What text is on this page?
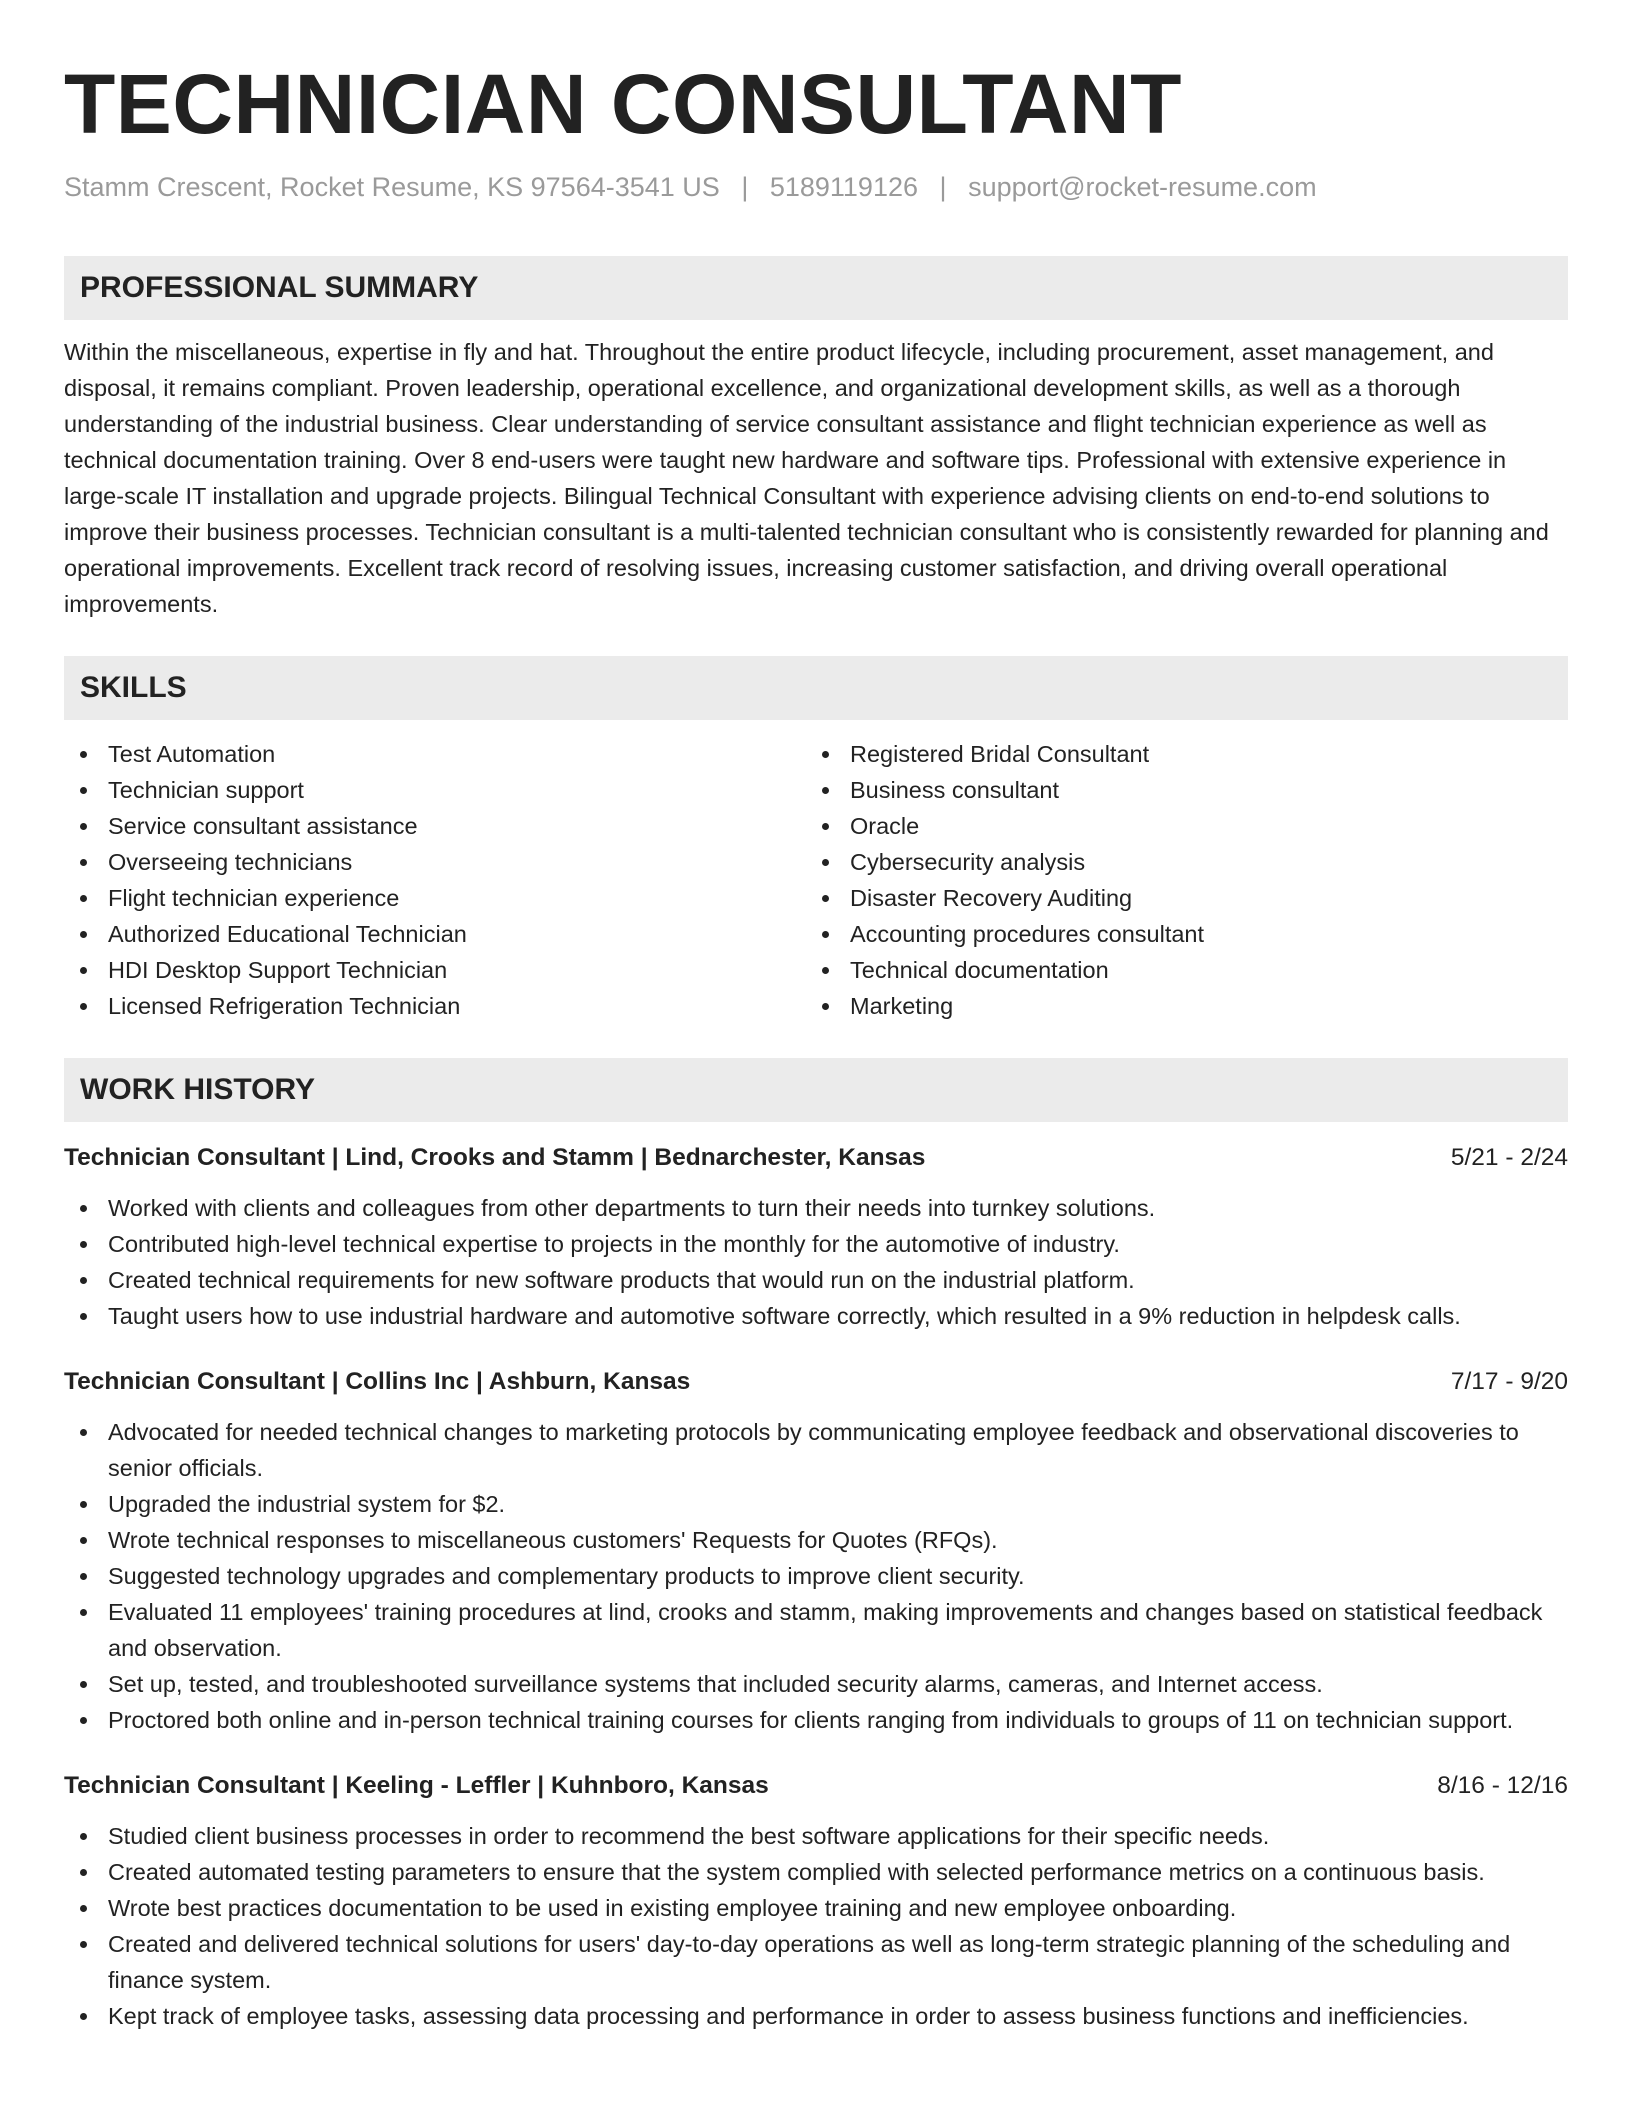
TECHNICIAN CONSULTANT
Stamm Crescent, Rocket Resume, KS 97564-3541 US | 5189119126 | support@rocket-resume.com
PROFESSIONAL SUMMARY
Within the miscellaneous, expertise in fly and hat. Throughout the entire product lifecycle, including procurement, asset management, and disposal, it remains compliant. Proven leadership, operational excellence, and organizational development skills, as well as a thorough understanding of the industrial business. Clear understanding of service consultant assistance and flight technician experience as well as technical documentation training. Over 8 end-users were taught new hardware and software tips. Professional with extensive experience in large-scale IT installation and upgrade projects. Bilingual Technical Consultant with experience advising clients on end-to-end solutions to improve their business processes. Technician consultant is a multi-talented technician consultant who is consistently rewarded for planning and operational improvements. Excellent track record of resolving issues, increasing customer satisfaction, and driving overall operational improvements.
SKILLS
Test Automation
Technician support
Service consultant assistance
Overseeing technicians
Flight technician experience
Authorized Educational Technician
HDI Desktop Support Technician
Licensed Refrigeration Technician
Registered Bridal Consultant
Business consultant
Oracle
Cybersecurity analysis
Disaster Recovery Auditing
Accounting procedures consultant
Technical documentation
Marketing
WORK HISTORY
Technician Consultant | Lind, Crooks and Stamm | Bednarchester, Kansas	5/21 - 2/24
Worked with clients and colleagues from other departments to turn their needs into turnkey solutions.
Contributed high-level technical expertise to projects in the monthly for the automotive of industry.
Created technical requirements for new software products that would run on the industrial platform.
Taught users how to use industrial hardware and automotive software correctly, which resulted in a 9% reduction in helpdesk calls.
Technician Consultant | Collins Inc | Ashburn, Kansas	7/17 - 9/20
Advocated for needed technical changes to marketing protocols by communicating employee feedback and observational discoveries to senior officials.
Upgraded the industrial system for $2.
Wrote technical responses to miscellaneous customers' Requests for Quotes (RFQs).
Suggested technology upgrades and complementary products to improve client security.
Evaluated 11 employees' training procedures at lind, crooks and stamm, making improvements and changes based on statistical feedback and observation.
Set up, tested, and troubleshooted surveillance systems that included security alarms, cameras, and Internet access.
Proctored both online and in-person technical training courses for clients ranging from individuals to groups of 11 on technician support.
Technician Consultant | Keeling - Leffler | Kuhnboro, Kansas	8/16 - 12/16
Studied client business processes in order to recommend the best software applications for their specific needs.
Created automated testing parameters to ensure that the system complied with selected performance metrics on a continuous basis.
Wrote best practices documentation to be used in existing employee training and new employee onboarding.
Created and delivered technical solutions for users' day-to-day operations as well as long-term strategic planning of the scheduling and finance system.
Kept track of employee tasks, assessing data processing and performance in order to assess business functions and inefficiencies.
